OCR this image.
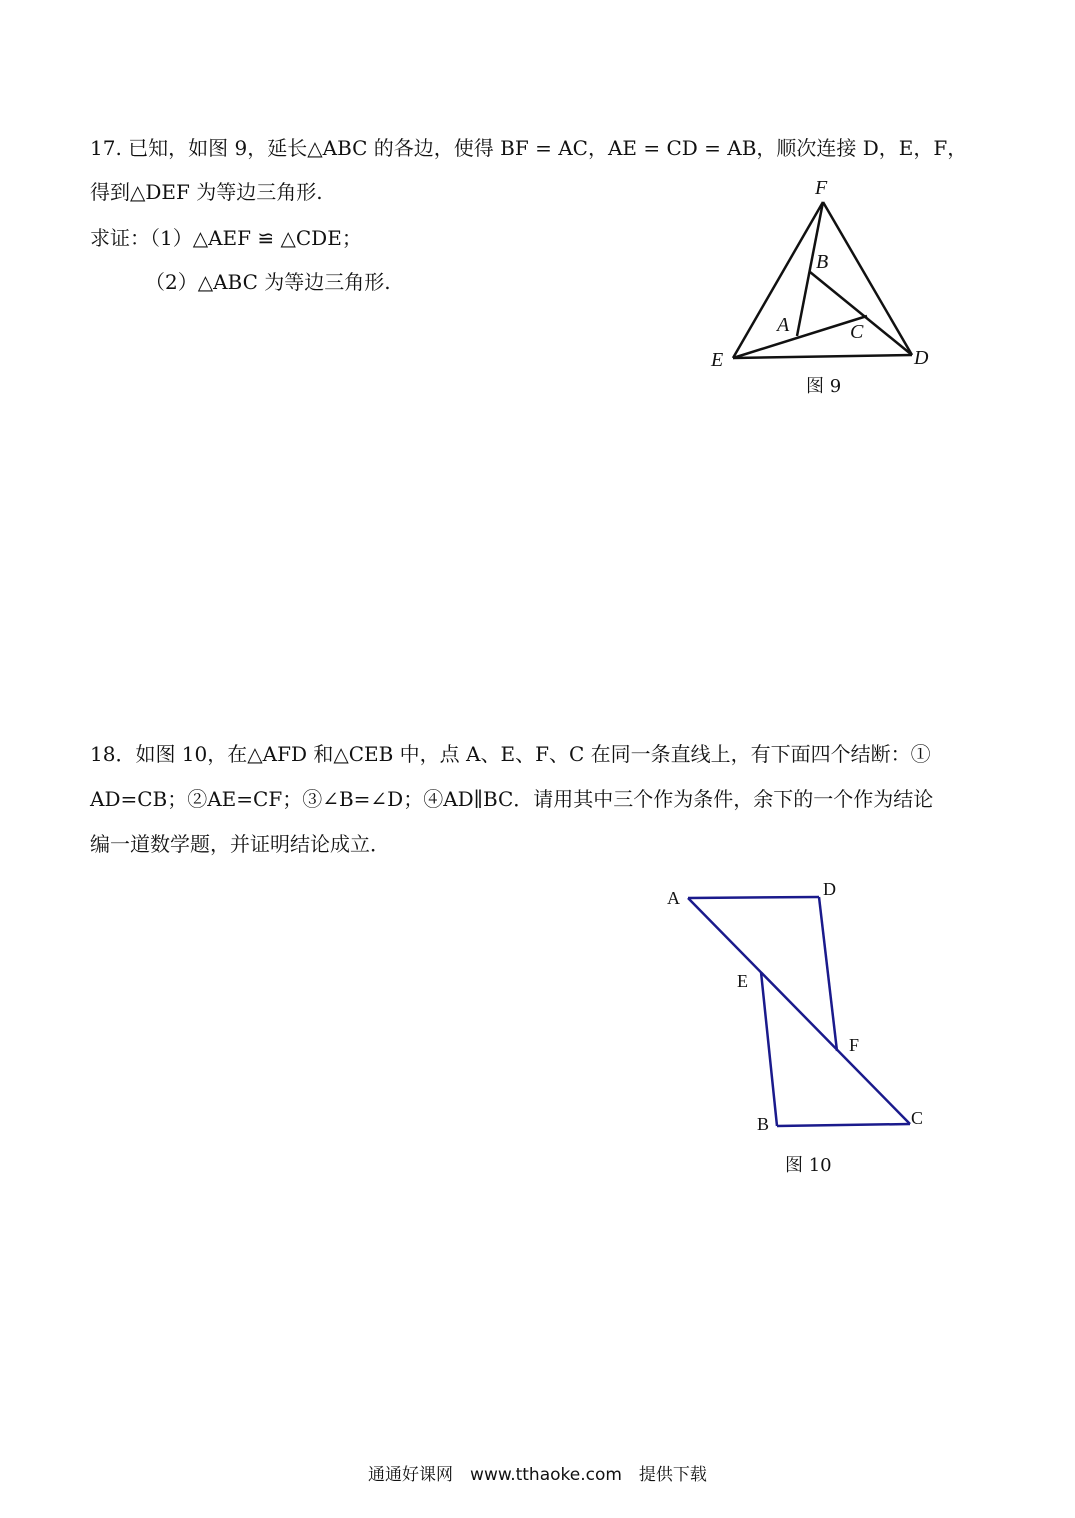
17. 已知，如图 9，延长△ABC 的各边，使得 BF = AC，AE = CD = AB，顺次连接 D，E，F，
得到△DEF 为等边三角形.
求证：（1）△AEF ≌ △CDE；
（2）△ABC 为等边三角形.
18．如图 10，在△AFD 和△CEB 中，点 A、E、F、C 在同一条直线上，有下面四个结断：①
AD=CB；②AE=CF；③∠B=∠D；④AD∥BC．请用其中三个作为条件，余下的一个作为结论
编一道数学题，并证明结论成立．
F
B
A	C
E	D
图 9
A	D
E
F
B	C
图 10
通通好课网　www.tthaoke.com　提供下载
